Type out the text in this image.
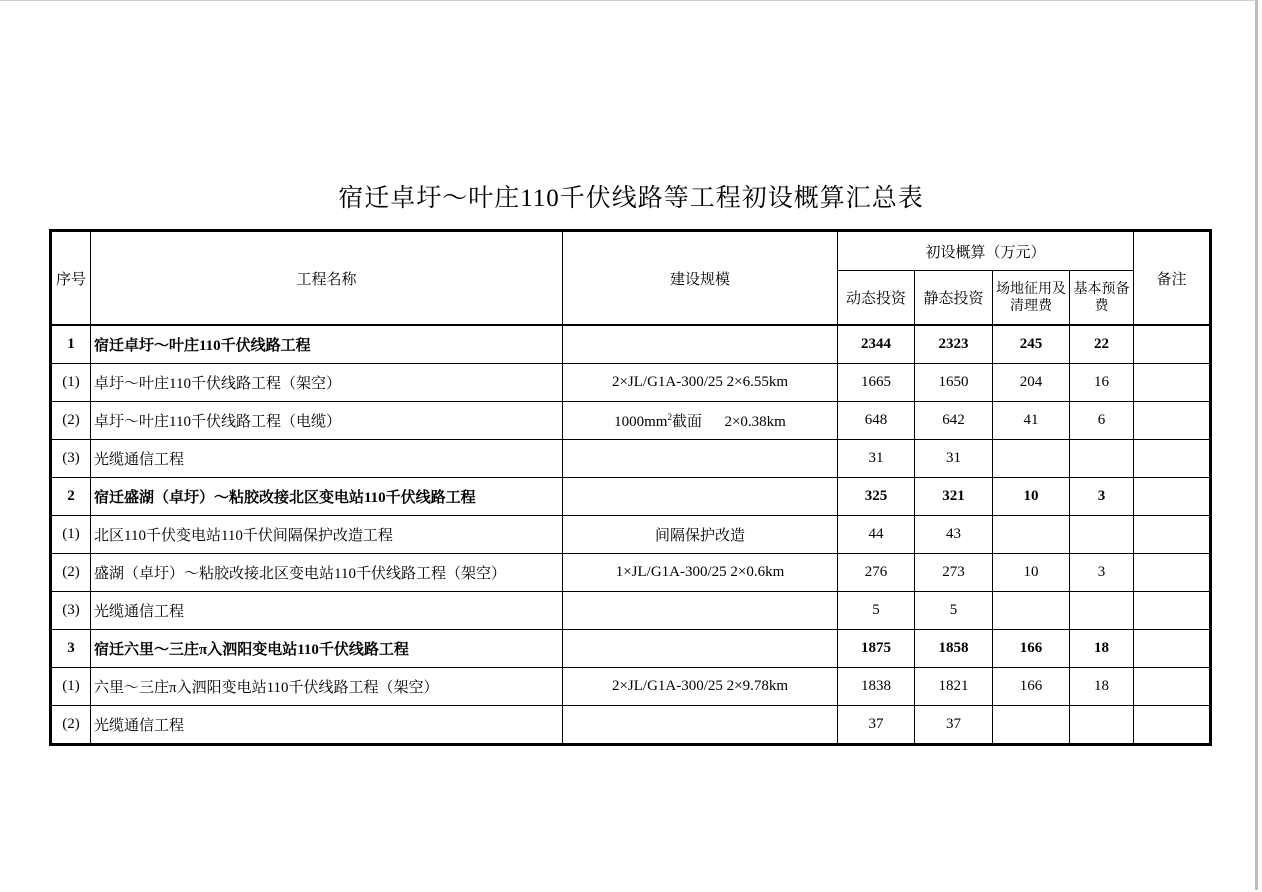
宿迁卓圩～叶庄110千伏线路等工程初设概算汇总表
序号	工程名称	建设规模	初设概算（万元）				备注
			动态投资	静态投资	场地征用及清理费	基本预备费	
1	宿迁卓圩～叶庄110千伏线路工程		2344	2323	245	22	
(1)	卓圩～叶庄110千伏线路工程（架空）	2×JL/G1A-300/25 2×6.55km	1665	1650	204	16	
(2)	卓圩～叶庄110千伏线路工程（电缆）	$1000mm^2$截面      2×0.38km	648	642	41	6	
(3)	光缆通信工程		31	31			
2	宿迁盛湖（卓圩）～粘胶改接北区变电站110千伏线路工程		325	321	10	3	
(1)	北区110千伏变电站110千伏间隔保护改造工程	间隔保护改造	44	43			
(2)	盛湖（卓圩）～粘胶改接北区变电站110千伏线路工程（架空）	1×JL/G1A-300/25 2×0.6km	276	273	10	3	
(3)	光缆通信工程		5	5			
3	宿迁六里～三庄π入泗阳变电站110千伏线路工程		1875	1858	166	18	
(1)	六里～三庄π入泗阳变电站110千伏线路工程（架空）	2×JL/G1A-300/25 2×9.78km	1838	1821	166	18	
(2)	光缆通信工程		37	37			
